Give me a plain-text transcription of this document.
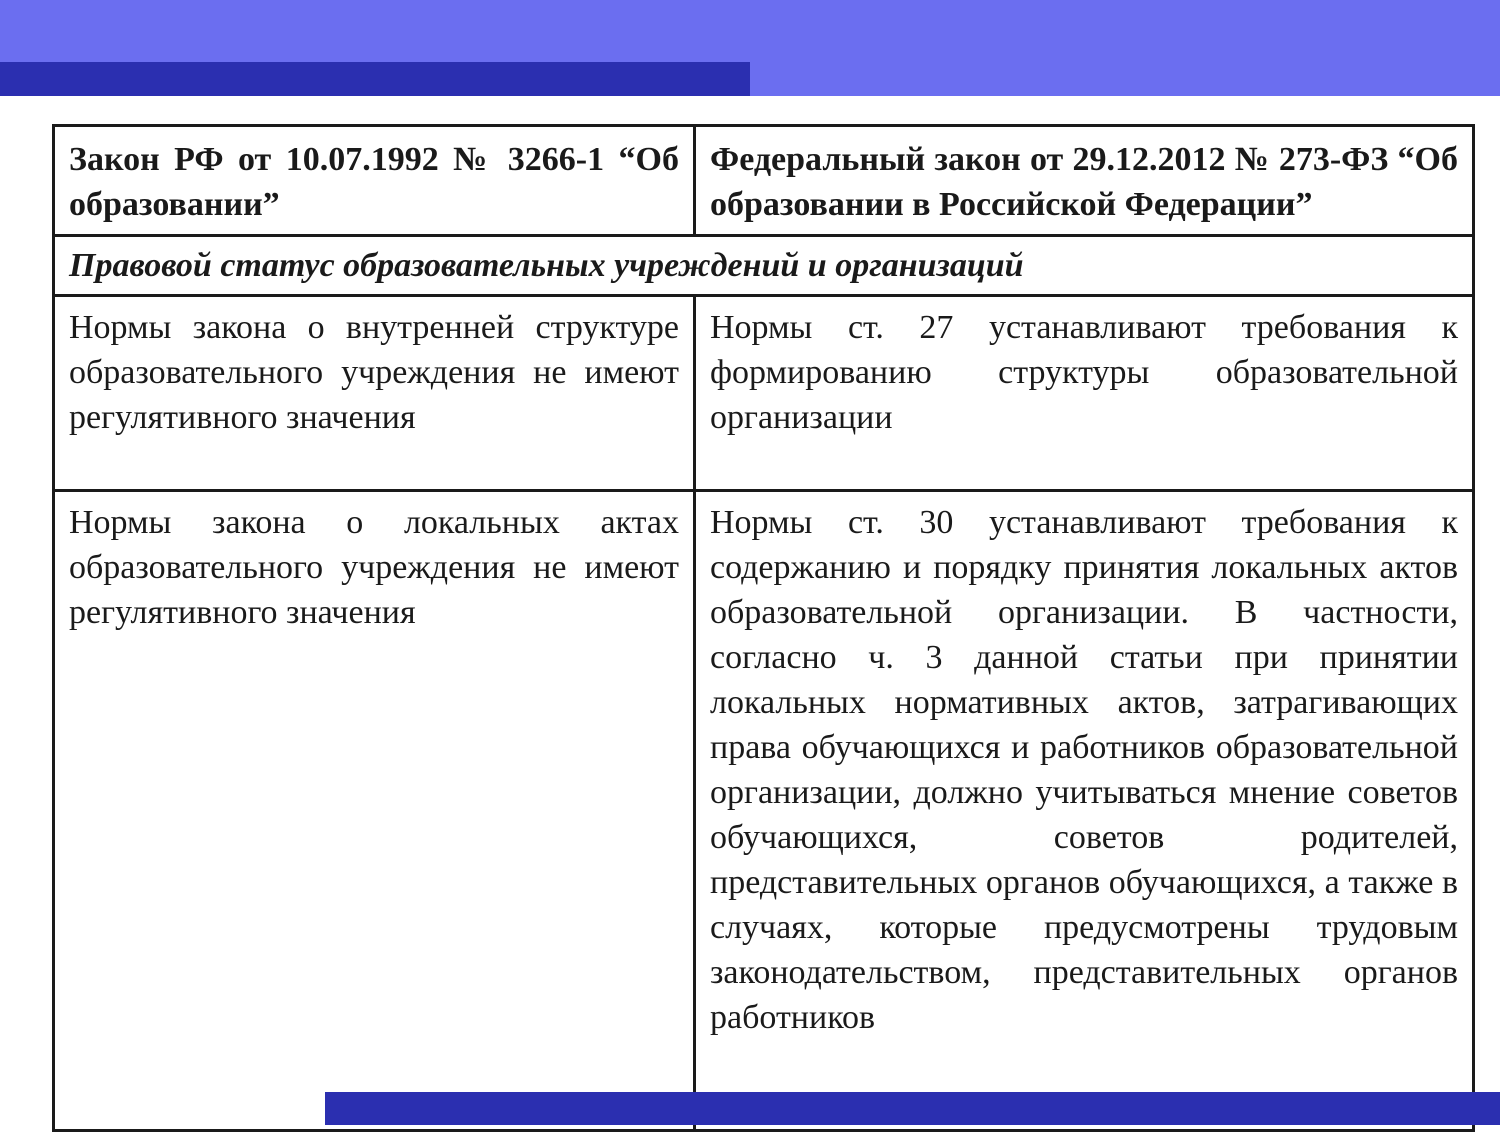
Закон РФ от 10.07.1992 № 3266-1 “Об образовании”	Федеральный закон от 29.12.2012 № 273-ФЗ “Об образовании в Российской Федерации”
Правовой статус образовательных учреждений и организаций	
Нормы закона о внутренней структуре образовательного учреждения не имеют регулятивного значения	Нормы ст. 27 устанавливают требования к формированию структуры образовательной организации
Нормы закона о локальных актах образовательного учреждения не имеют регулятивного значения	Нормы ст. 30 устанавливают требования к содержанию и порядку принятия локальных актов образовательной организации. В частности, согласно ч. 3 данной статьи при принятии локальных нормативных актов, затрагивающих права обучающихся и работников образовательной организации, должно учитываться мнение советов обучающихся, советов родителей, представительных органов обучающихся, а также в случаях, которые предусмотрены трудовым законодательством, представительных органов работников
